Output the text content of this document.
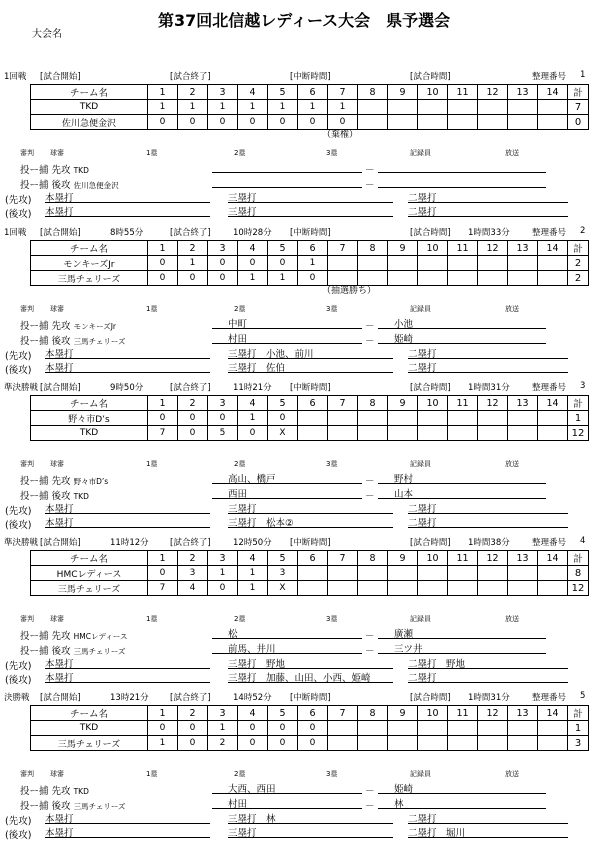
第37回北信越レディース大会　県予選会
大会名
1回戦 [試合開始]	[試合終了]	[中断時間]	[試合時間]	整理番号 1
チーム名	1	2	3	4	5	6	7	8	9	10	11	12	13	14	計
TKD	1	1	1	1	1	1	1								7
佐川急便金沢	0	0	0	0	0	0	0								0
（棄権）
審判 球審	1塁	2塁	3塁	記録員	放送
投ー捕 先攻 TKD	－
投ー捕 後攻 佐川急便金沢	－
(先攻) 本塁打　	三塁打　	二塁打　
(後攻) 本塁打　	三塁打　	二塁打　
1回戦 [試合開始]	8時55分	[試合終了]	10時28分 [中断時間]	[試合時間] 1時間33分	整理番号 2
チーム名	1	2	3	4	5	6	7	8	9	10	11	12	13	14	計
モンキーズJr	0	1	0	0	0	1									2
三馬チェリーズ	0	0	0	1	1	0									2
（抽選勝ち）
審判 球審	1塁	2塁	3塁	記録員	放送
投ー捕 先攻 モンキーズJr	中町	－	小池
投ー捕 後攻 三馬チェリーズ	村田	－	姫崎
(先攻) 本塁打　	三塁打　 小池、前川	二塁打　
(後攻) 本塁打　	三塁打　 佐伯	二塁打　
準決勝戦 [試合開始]	9時50分	[試合終了]	11時21分 [中断時間]	[試合時間] 1時間31分	整理番号 3
チーム名	1	2	3	4	5	6	7	8	9	10	11	12	13	14	計
野々市D’s	0	0	0	1	0										1
TKD	7	0	5	0	X										12
審判 球審	1塁	2塁	3塁	記録員	放送
投ー捕 先攻 野々市D’s	高山、橋戸	－	野村
投ー捕 後攻 TKD	西田	－	山本
(先攻) 本塁打　	三塁打　	二塁打　
(後攻) 本塁打　	三塁打　 松本②	二塁打　
準決勝戦 [試合開始]	11時12分	[試合終了]	12時50分 [中断時間]	[試合時間] 1時間38分	整理番号 4
チーム名	1	2	3	4	5	6	7	8	9	10	11	12	13	14	計
HMCレディース	0	3	1	1	3										8
三馬チェリーズ	7	4	0	1	X										12
審判 球審	1塁	2塁	3塁	記録員	放送
投ー捕 先攻 HMCレディース	松	－	廣瀬
投ー捕 後攻 三馬チェリーズ	前馬、井川	－	三ツ井
(先攻) 本塁打　	三塁打　 野地	二塁打　 野地
(後攻) 本塁打　	三塁打　 加藤、山田、小西、姫崎	二塁打　
決勝戦 [試合開始]	13時21分	[試合終了]	14時52分 [中断時間]	[試合時間] 1時間31分	整理番号 5
チーム名	1	2	3	4	5	6	7	8	9	10	11	12	13	14	計
TKD	0	0	1	0	0	0									1
三馬チェリーズ	1	0	2	0	0	0									3
審判 球審	1塁	2塁	3塁	記録員	放送
投ー捕 先攻 TKD	大西、西田	－	姫崎
投ー捕 後攻 三馬チェリーズ	村田	－	林
(先攻) 本塁打　	三塁打　 林	二塁打　
(後攻) 本塁打　	三塁打　	二塁打　 堀川
